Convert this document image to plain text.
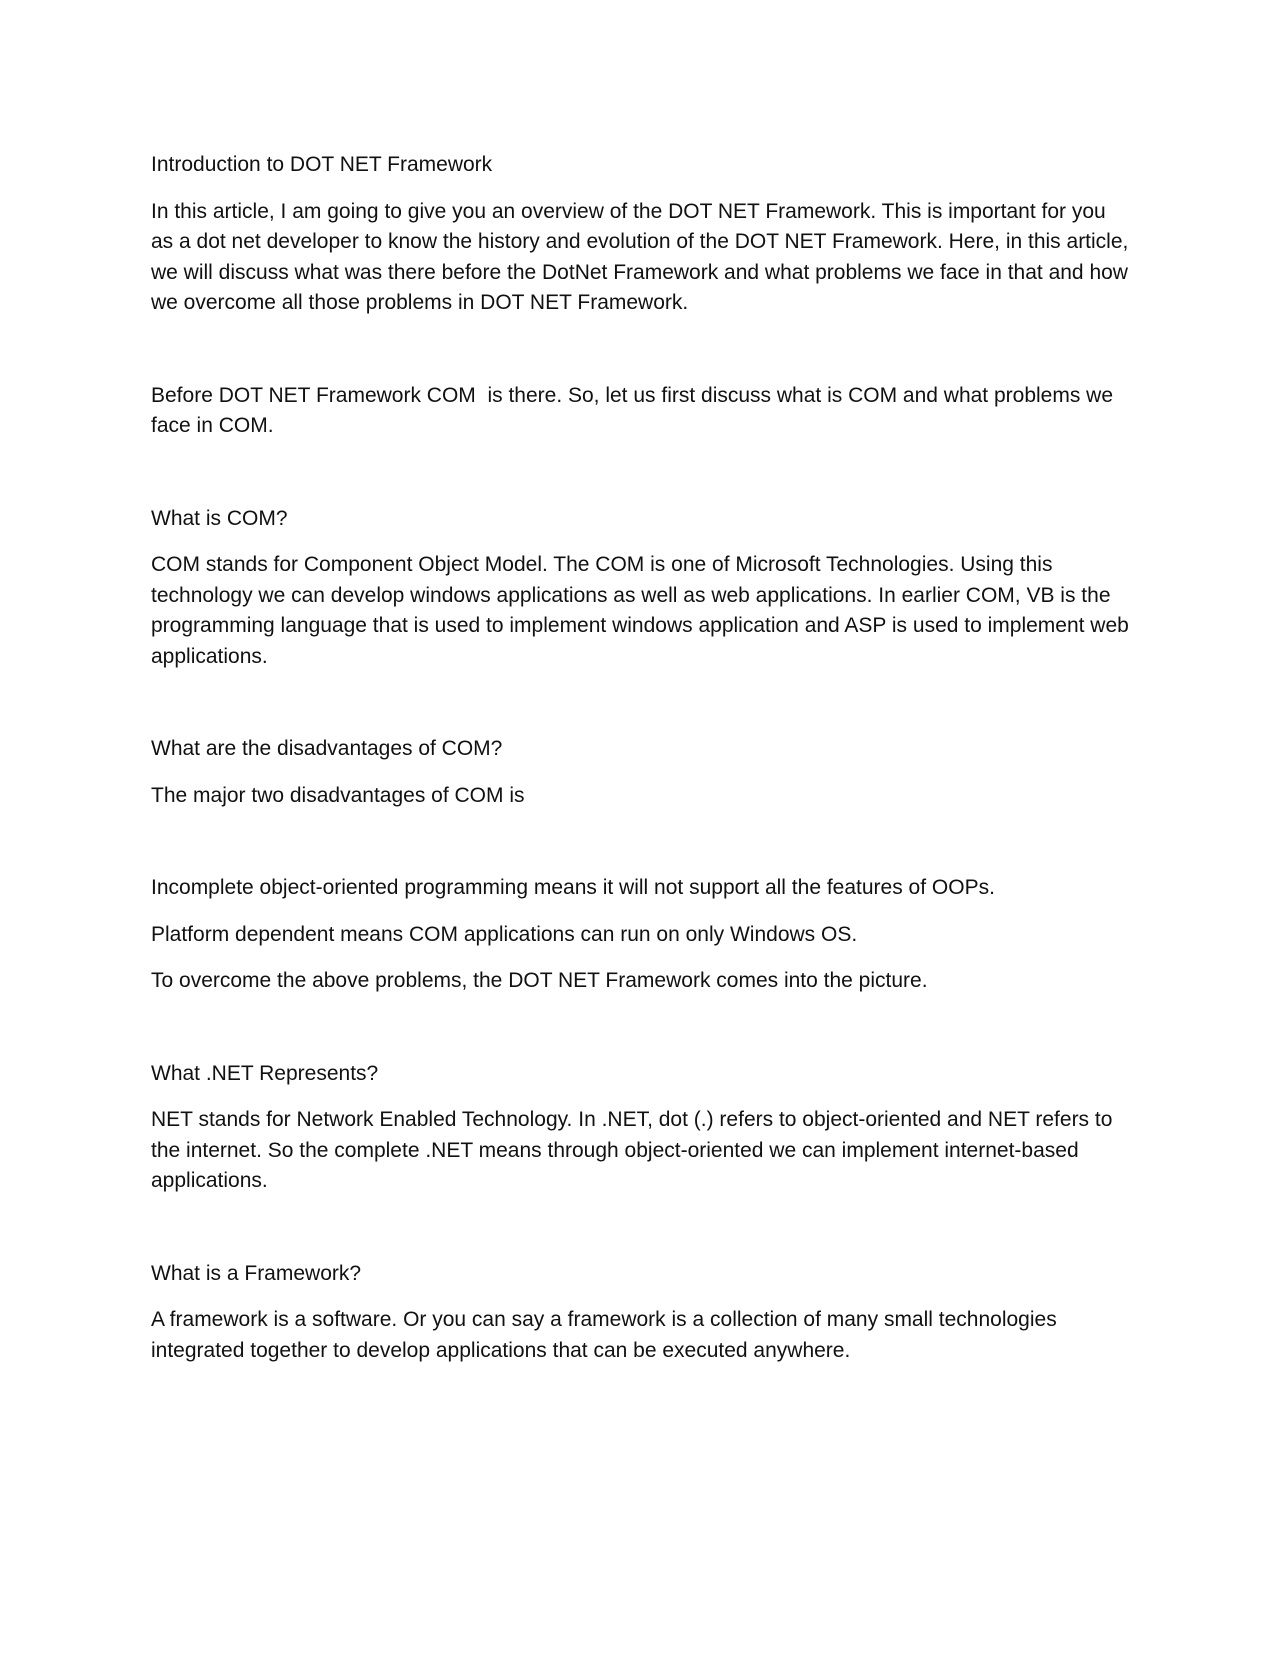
Introduction to DOT NET Framework

In this article, I am going to give you an overview of the DOT NET Framework. This is important for you as a dot net developer to know the history and evolution of the DOT NET Framework. Here, in this article, we will discuss what was there before the DotNet Framework and what problems we face in that and how we overcome all those problems in DOT NET Framework.

Before DOT NET Framework COM  is there. So, let us first discuss what is COM and what problems we face in COM.

What is COM?

COM stands for Component Object Model. The COM is one of Microsoft Technologies. Using this technology we can develop windows applications as well as web applications. In earlier COM, VB is the programming language that is used to implement windows application and ASP is used to implement web applications.

What are the disadvantages of COM?

The major two disadvantages of COM is

Incomplete object-oriented programming means it will not support all the features of OOPs.

Platform dependent means COM applications can run on only Windows OS.

To overcome the above problems, the DOT NET Framework comes into the picture.

What .NET Represents?

NET stands for Network Enabled Technology. In .NET, dot (.) refers to object-oriented and NET refers to the internet. So the complete .NET means through object-oriented we can implement internet-based applications.

What is a Framework?

A framework is a software. Or you can say a framework is a collection of many small technologies integrated together to develop applications that can be executed anywhere.
